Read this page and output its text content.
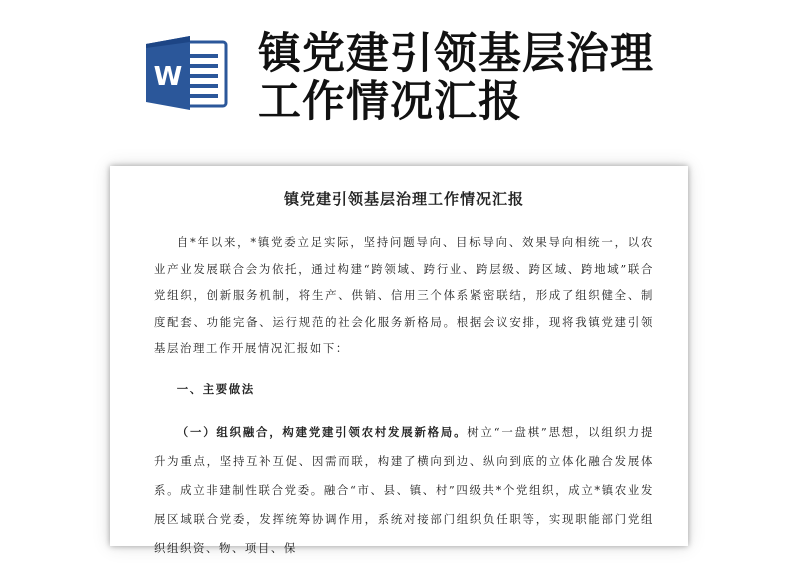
W 镇党建引领基层治理
工作情况汇报
镇党建引领基层治理工作情况汇报

自*年以来，*镇党委立足实际，坚持问题导向、目标导向、效果导向相统一，以农业产业发展联合会为依托，通过构建“跨领域、跨行业、跨层级、跨区域、跨地域”联合党组织，创新服务机制，将生产、供销、信用三个体系紧密联结，形成了组织健全、制度配套、功能完备、运行规范的社会化服务新格局。根据会议安排，现将我镇党建引领基层治理工作开展情况汇报如下：

一、主要做法

（一）组织融合，构建党建引领农村发展新格局。树立“一盘棋”思想，以组织力提升为重点，坚持互补互促、因需而联，构建了横向到边、纵向到底的立体化融合发展体系。成立非建制性联合党委。融合“市、县、镇、村”四级共*个党组织，成立*镇农业发展区域联合党委，发挥统筹协调作用，系统对接部门组织负任职等，实现职能部门党组织组织资、物、项目、保
